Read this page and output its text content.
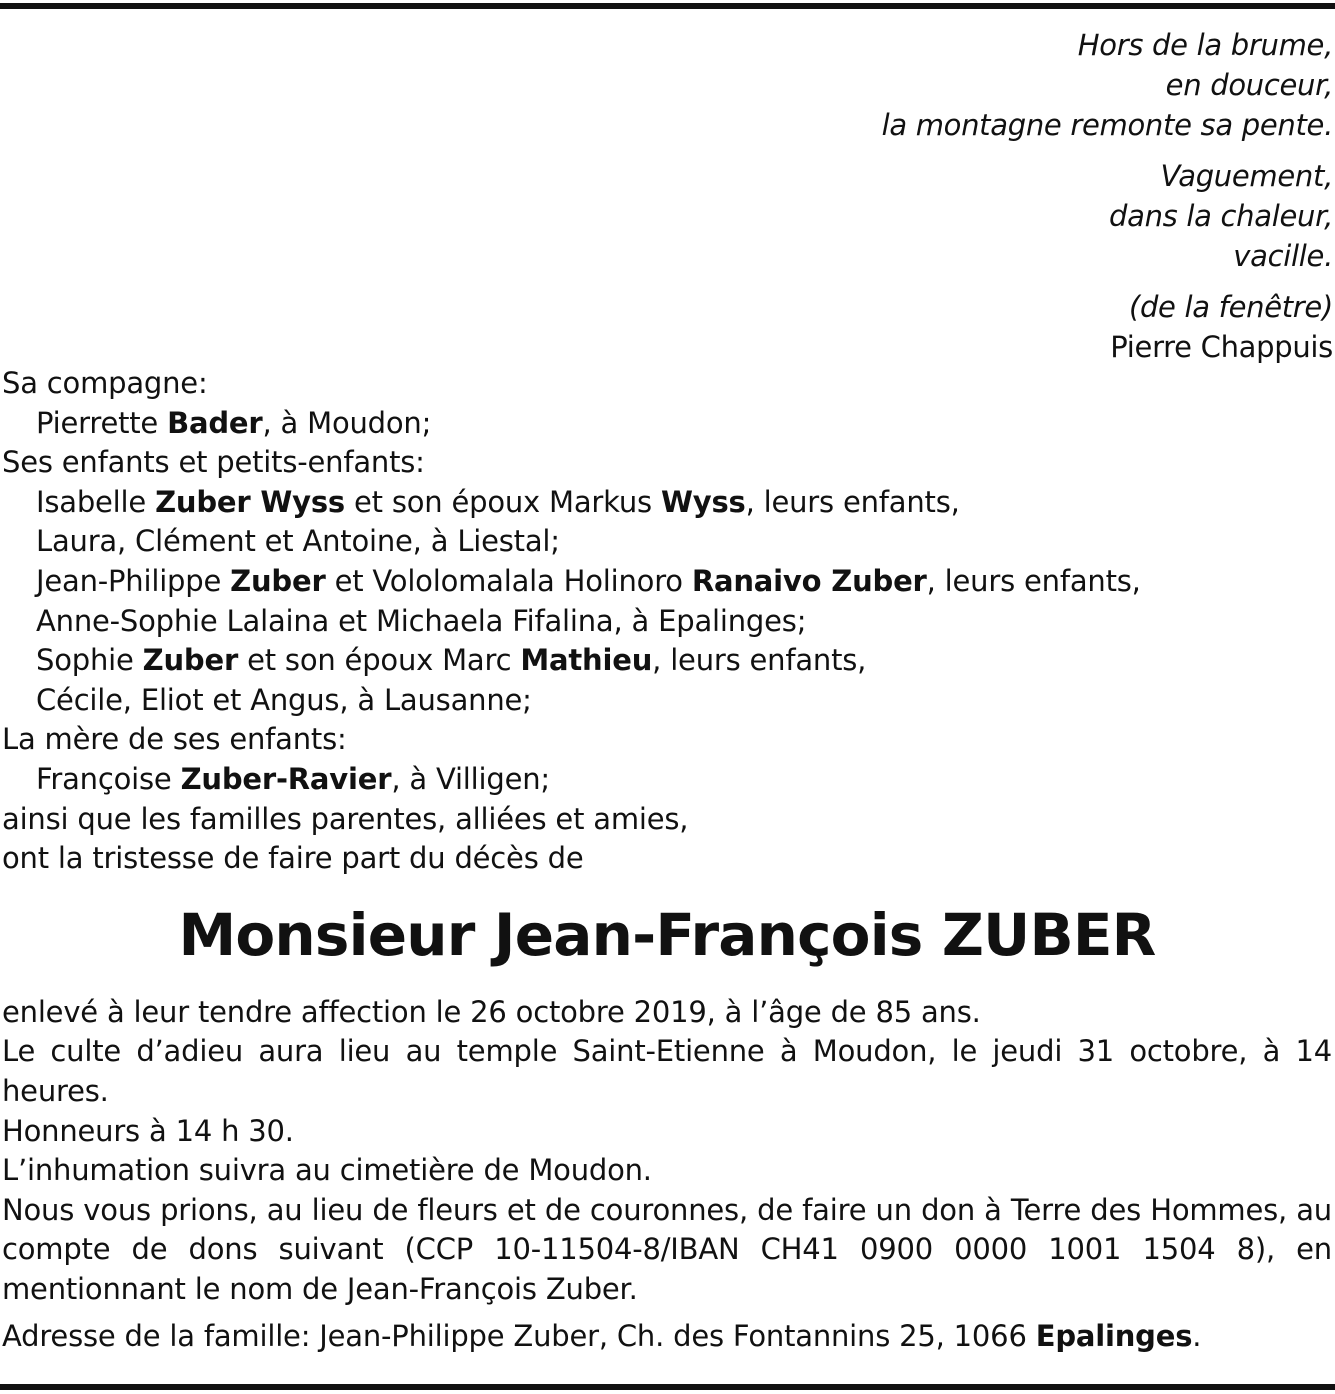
Hors de la brume,
en douceur,
la montagne remonte sa pente.
Vaguement,
dans la chaleur,
vacille.
(de la fenêtre)
Pierre Chappuis
Sa compagne:
Pierrette Bader, à Moudon;
Ses enfants et petits-enfants:
Isabelle Zuber Wyss et son époux Markus Wyss, leurs enfants,
Laura, Clément et Antoine, à Liestal;
Jean-Philippe Zuber et Vololomalala Holinoro Ranaivo Zuber, leurs enfants,
Anne-Sophie Lalaina et Michaela Fifalina, à Epalinges;
Sophie Zuber et son époux Marc Mathieu, leurs enfants,
Cécile, Eliot et Angus, à Lausanne;
La mère de ses enfants:
Françoise Zuber-Ravier, à Villigen;
ainsi que les familles parentes, alliées et amies,
ont la tristesse de faire part du décès de
Monsieur Jean-François ZUBER
enlevé à leur tendre affection le 26 octobre 2019, à l’âge de 85 ans.
Le culte d’adieu aura lieu au temple Saint-Etienne à Moudon, le jeudi 31 octobre, à 14 heures.
Honneurs à 14 h 30.
L’inhumation suivra au cimetière de Moudon.
Nous vous prions, au lieu de fleurs et de couronnes, de faire un don à Terre des Hommes, au compte de dons suivant (CCP 10-11504-8/IBAN CH41 0900 0000 1001 1504 8), en mentionnant le nom de Jean-François Zuber.
Adresse de la famille: Jean-Philippe Zuber, Ch. des Fontannins 25, 1066 Epalinges.
